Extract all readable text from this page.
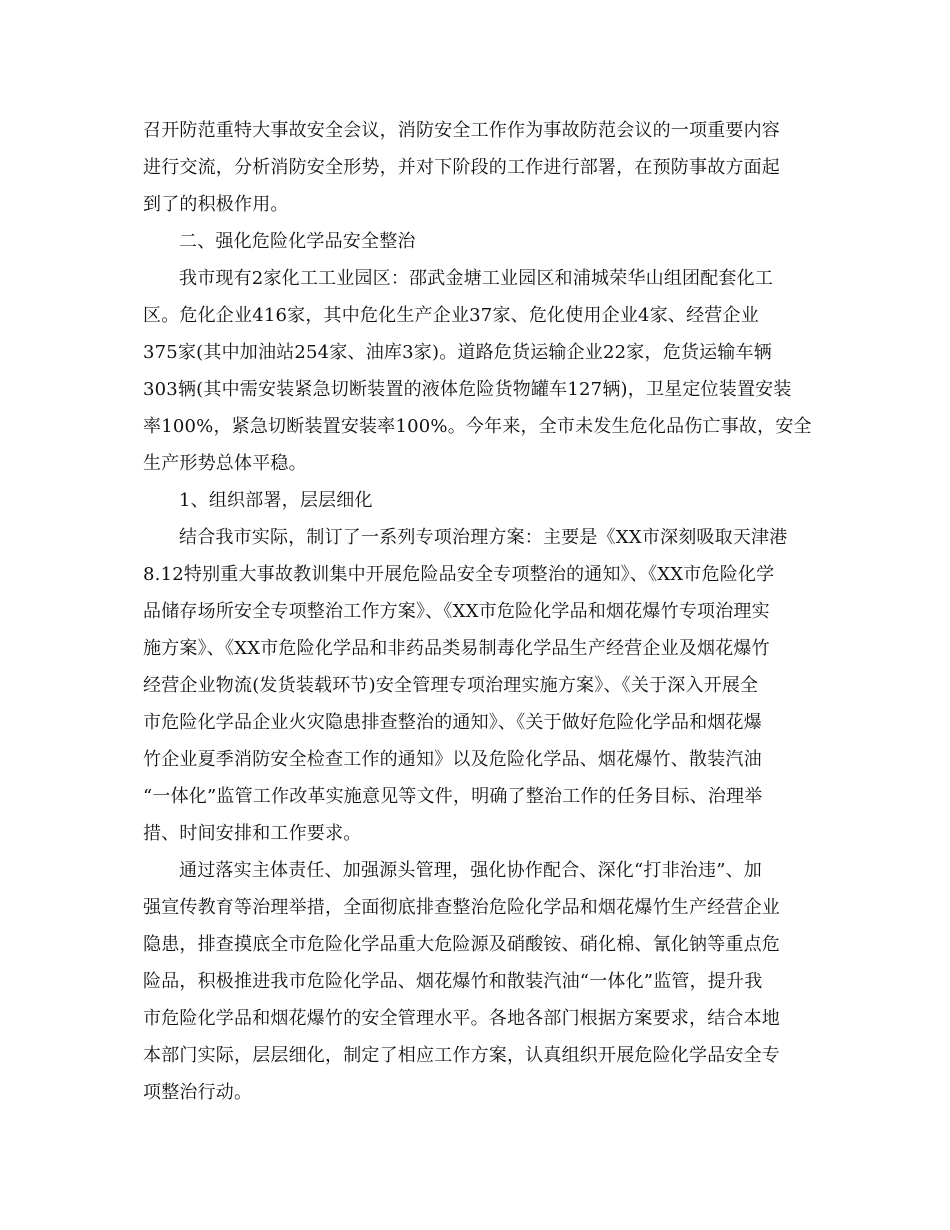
召开防范重特大事故安全会议，消防安全工作作为事故防范会议的一项重要内容
进行交流，分析消防安全形势，并对下阶段的工作进行部署，在预防事故方面起
到了的积极作用。
二、强化危险化学品安全整治
我市现有2家化工工业园区：邵武金塘工业园区和浦城荣华山组团配套化工
区。危化企业416家，其中危化生产企业37家、危化使用企业4家、经营企业
375家(其中加油站254家、油库3家)。道路危货运输企业22家，危货运输车辆
303辆(其中需安装紧急切断装置的液体危险货物罐车127辆)，卫星定位装置安装
率100%，紧急切断装置安装率100%。今年来，全市未发生危化品伤亡事故，安全
生产形势总体平稳。
1、组织部署，层层细化
结合我市实际，制订了一系列专项治理方案：主要是《XX市深刻吸取天津港
8.12特别重大事故教训集中开展危险品安全专项整治的通知》、《XX市危险化学
品储存场所安全专项整治工作方案》、《XX市危险化学品和烟花爆竹专项治理实
施方案》、《XX市危险化学品和非药品类易制毒化学品生产经营企业及烟花爆竹
经营企业物流(发货装载环节)安全管理专项治理实施方案》、《关于深入开展全
市危险化学品企业火灾隐患排查整治的通知》、《关于做好危险化学品和烟花爆
竹企业夏季消防安全检查工作的通知》以及危险化学品、烟花爆竹、散装汽油
“一体化”监管工作改革实施意见等文件，明确了整治工作的任务目标、治理举
措、时间安排和工作要求。
通过落实主体责任、加强源头管理，强化协作配合、深化“打非治违”、加
强宣传教育等治理举措，全面彻底排查整治危险化学品和烟花爆竹生产经营企业
隐患，排查摸底全市危险化学品重大危险源及硝酸铵、硝化棉、氰化钠等重点危
险品，积极推进我市危险化学品、烟花爆竹和散装汽油“一体化”监管，提升我
市危险化学品和烟花爆竹的安全管理水平。各地各部门根据方案要求，结合本地
本部门实际，层层细化，制定了相应工作方案，认真组织开展危险化学品安全专
项整治行动。
